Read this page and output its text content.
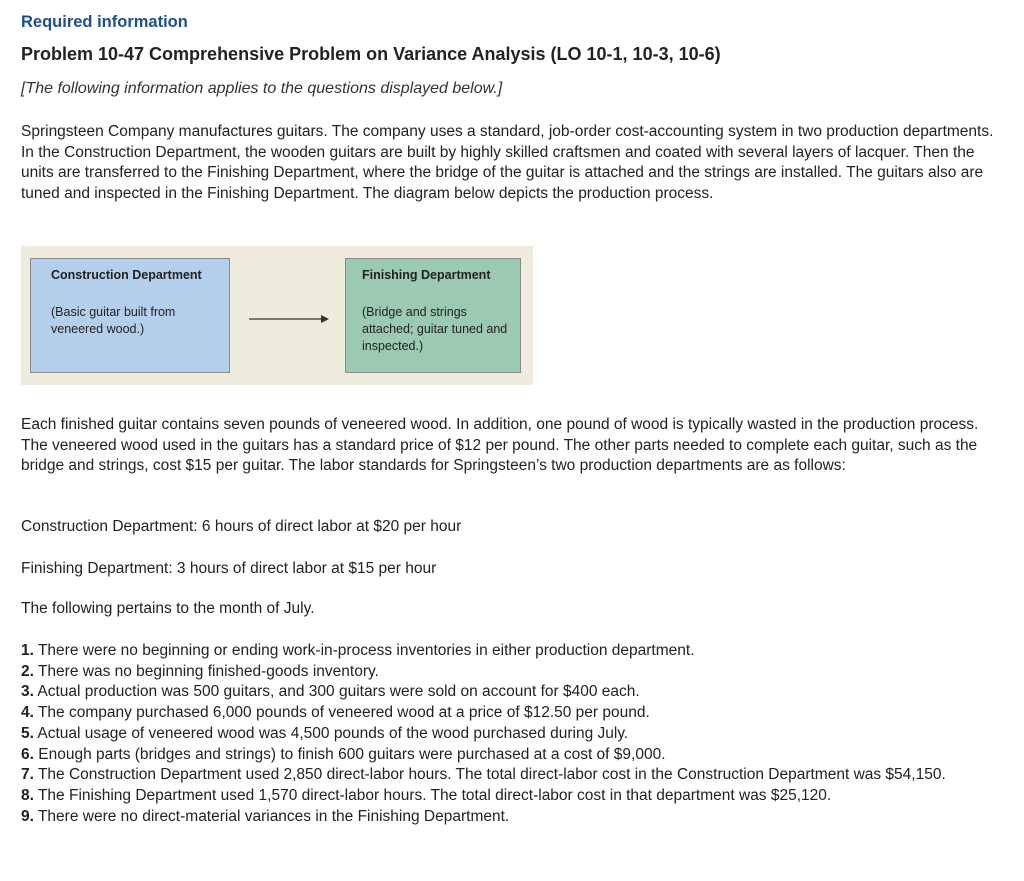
Required information
Problem 10-47 Comprehensive Problem on Variance Analysis (LO 10-1, 10-3, 10-6)
[The following information applies to the questions displayed below.]

Springsteen Company manufactures guitars. The company uses a standard, job-order cost-accounting system in two production departments. In the Construction Department, the wooden guitars are built by highly skilled craftsmen and coated with several layers of lacquer. Then the units are transferred to the Finishing Department, where the bridge of the guitar is attached and the strings are installed. The guitars also are tuned and inspected in the Finishing Department. The diagram below depicts the production process.

Construction Department
(Basic guitar built from veneered wood.)
Finishing Department
(Bridge and strings attached; guitar tuned and inspected.)

Each finished guitar contains seven pounds of veneered wood. In addition, one pound of wood is typically wasted in the production process. The veneered wood used in the guitars has a standard price of $12 per pound. The other parts needed to complete each guitar, such as the bridge and strings, cost $15 per guitar. The labor standards for Springsteen’s two production departments are as follows:

Construction Department: 6 hours of direct labor at $20 per hour
Finishing Department: 3 hours of direct labor at $15 per hour
The following pertains to the month of July.
1. There were no beginning or ending work-in-process inventories in either production department.
2. There was no beginning finished-goods inventory.
3. Actual production was 500 guitars, and 300 guitars were sold on account for $400 each.
4. The company purchased 6,000 pounds of veneered wood at a price of $12.50 per pound.
5. Actual usage of veneered wood was 4,500 pounds of the wood purchased during July.
6. Enough parts (bridges and strings) to finish 600 guitars were purchased at a cost of $9,000.
7. The Construction Department used 2,850 direct-labor hours. The total direct-labor cost in the Construction Department was $54,150.
8. The Finishing Department used 1,570 direct-labor hours. The total direct-labor cost in that department was $25,120.
9. There were no direct-material variances in the Finishing Department.
